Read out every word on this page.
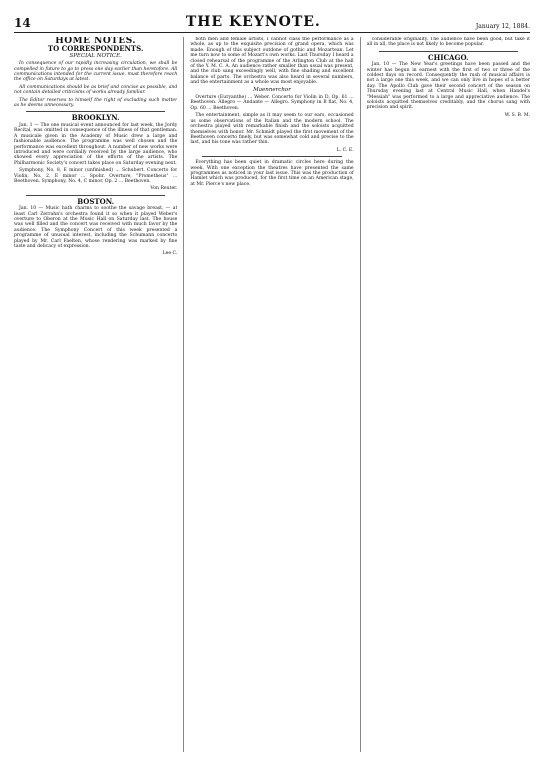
14	THE KEYNOTE.	January 12, 1884.
HOME NOTES.
TO CORRESPONDENTS.
SPECIAL NOTICE.

In consequence of our rapidly increasing circulation, we shall be compelled in future to go to press one day earlier than heretofore. All communications intended for the current issue, must therefore reach the office on Saturdays at latest.

All communications should be as brief and concise as possible, and not contain detailed criticisms of works already familiar.

The Editor reserves to himself the right of excluding such matter as he deems unnecessary.

BROOKLYN.

Jan. 1 — The one musical event announced for last week, the Jordy Recital, was omitted in consequence of the illness of that gentleman. A musicale given in the Academy of Music drew a large and fashionable audience. The programme was well chosen and the performance was excellent throughout. A number of new works were introduced and were cordially received by the large audience, who showed every appreciation of the efforts of the artists. The Philharmonic Society's concert takes place on Saturday evening next.

Symphony, No. 8, E minor (unfinished) ... Schubert. Concerto for Violin, No. 2, E minor ... Spohr. Overture, "Prometheus" ... Beethoven. Symphony, No. 4, C minor, Op. 2 ... Beethoven.

Von Reuter.
BOSTON.

Jan. 10 — Music hath charms to soothe the savage breast, — at least Carl Zerrahn's orchestra found it so when it played Weber's overture to Oberon at the Music Hall on Saturday last. The house was well filled and the concert was received with much favor by the audience. The Symphony Concert of this week presented a programme of unusual interest, including the Schumann concerto played by Mr. Carl Faelten, whose rendering was marked by fine taste and delicacy of expression.

Lee C.

both men and female artists, I cannot class the performance as a whole, as up to the exquisite precision of grand opera, which was made. Enough of this subject outdone of gothic and Mozartean. Let me turn now to some of Mozart's own works. Last Thursday I heard a closed rehearsal of the programme of the Arlington Club at the hall of the Y. M. C. A. An audience rather smaller than usual was present, and the club sang exceedingly well, with fine shading and excellent balance of parts. The orchestra was also heard in several numbers, and the entertainment as a whole was most enjoyable.

Maennerchor

Overture (Euryanthe) ... Weber. Concerto for Violin in D, Op. 61 ... Beethoven. Allegro — Andante — Allegro. Symphony in B flat, No. 4, Op. 60 ... Beethoven.

The entertainment, simple as it may seem to our ears, occasioned us some observations of the Italian and the modern school. The orchestra played with remarkable finish and the soloists acquitted themselves with honor. Mr. Schmidt played the first movement of the Beethoven concerto finely, but was somewhat cold and precise to the last, and his tone was rather thin.

L. C. E.

Everything has been quiet in dramatic circles here during the week. With one exception the theatres have presented the same programmes as noticed in your last issue. This was the production of Hamlet which was produced, for the first time on an American stage, at Mr. Pierce's new place.

considerable originality. The audience have been good, but take it all in all, the place is not likely to become popular.

CHICAGO.

Jan. 10 — The New Year's greetings have been passed and the winter has begun in earnest with the first of two or three of the coldest days on record. Consequently the rush of musical affairs is not a large one this week, and we can only live in hopes of a better day. The Apollo Club gave their second concert of the season on Thursday evening last at Central Music Hall, when Handel's "Messiah" was performed to a large and appreciative audience. The soloists acquitted themselves creditably, and the chorus sang with precision and spirit.

W. S. B. M.
